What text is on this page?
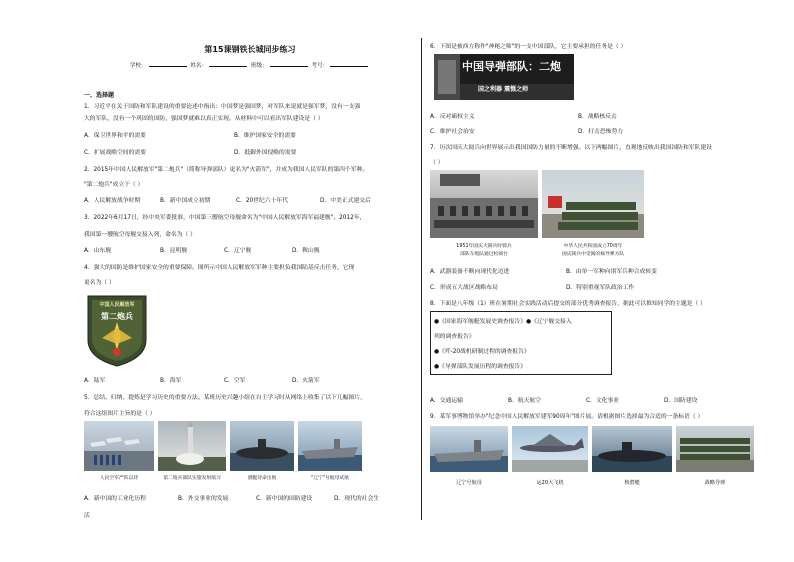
第15课钢铁长城同步练习
学校：	姓名：	班级：	考号：
一、选择题
1．习近平在关于国防和军队建设的重要论述中指出：中国梦是强国梦，对军队来说就是强军梦，没有一支强
大的军队，没有一个巩固的国防，强国梦就难以真正实现。从材料中可以看出军队建设是（ ）
A．保卫世界和平的需要	B．维护国家安全的需要
C．扩展战略空间的需要	D．抵御外国侵略的需要
2．2015年中国人民解放军"第二炮兵"（简称导弹部队）更名为"火箭军"，并成为我国人民军队的第四个军种。
"第二炮兵"成立于（ ）
A．人民解放战争时期	B．新中国成立初期	C．20世纪六十年代	D．中美正式建交后
3．2022年6月17日，经中央军委批准，中国第三艘航空母舰命名为"中国人民解放军海军福建舰"。2012年，
我国第一艘航空母舰交接入列，命名为（ ）
A．山东舰	B．昆明舰	C．辽宁舰	D．鞍山舰
4．强大的国防是维护国家安全的重要保障。图所示中国人民解放军军种主要担负我国陆基反击任务，它现
更名为（ ）
中国人民解放军
第二炮兵
A．陆军	B．海军	C．空军	D．火箭军
5．总结、归纳、提炼是学习历史的重要方法。某班历史兴趣小组在自主学习时从网络上收集了以下几幅图片，
符合这组图片主旨的是（ ）
人民空军严阵以待	第二炮兵部队实施发射演习	潜艇待命出航	"辽宁"号航母试航
A．新中国的工业化历程	B．外交事业的发展	C．新中国的国防建设	D．现代的社会生
活
6．下图是被西方称作"神秘之师"的一支中国部队，它主要承担的任务是（ ）
中国导弹部队：二炮
国之利器 震慑之师
A．反对霸权主义	B．战略核反击
C．维护社会治安	D．打击恐怖势力
7．历次国庆大阅兵向世界展示出我国国防力量的不断增强。以下两幅图片，直观地反映出我国国防和军队建设
（ ）
1951年国庆大阅兵时骑兵
部队车炮队通过检阅台
中华人民共和国成立70周年
国庆阅兵中受阅的核导弹方队
A．武器装备不断向现代化迈进	B．由单一军种向诸军兵种合成转变
C．形成五大战区战略布局	D．特别重视军队政治工作
8．下面是八年级（1）班在暑期社会实践活动后提交的部分优秀调查报告，据此可以推知同学的主题是（ ）
●《国家海军舰艇发展史调查报告》●《辽宁舰交接入
列的调查报告》
●《歼-20战机研制过程的调查报告》
●《导弹部队发展历程的调查报告》
A．交通运输	B．航天航空	C．文化事业	D．国防建设
9．某军事博物馆举办"纪念中国人民解放军建军90周年"图片展。请根据图片选择最为合适的一条标语（ ）
辽宁号航母	运20大飞机	核潜艇	战略导弹
